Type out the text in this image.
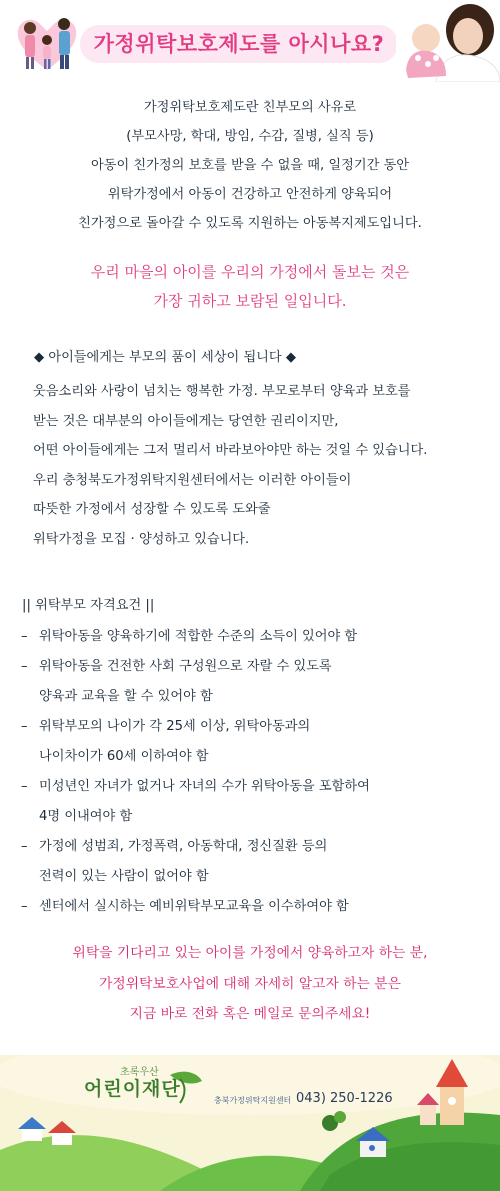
가정위탁보호제도를 아시나요?

가정위탁보호제도란 친부모의 사유로

(부모사망, 학대, 방임, 수감, 질병, 실직 등)

아동이 친가정의 보호를 받을 수 없을 때, 일정기간 동안

위탁가정에서 아동이 건강하고 안전하게 양육되어

친가정으로 돌아갈 수 있도록 지원하는 아동복지제도입니다.

우리 마을의 아이를 우리의 가정에서 돌보는 것은

가장 귀하고 보람된 일입니다.

◆ 아이들에게는 부모의 품이 세상이 됩니다 ◆

웃음소리와 사랑이 넘치는 행복한 가정. 부모로부터 양육과 보호를

받는 것은 대부분의 아이들에게는 당연한 권리이지만,

어떤 아이들에게는 그저 멀리서 바라보아야만 하는 것일 수 있습니다.

우리 충청북도가정위탁지원센터에서는 이러한 아이들이

따뜻한 가정에서 성장할 수 있도록 도와줄

위탁가정을 모집 · 양성하고 있습니다.

|| 위탁부모 자격요건 ||
– 위탁아동을 양육하기에 적합한 수준의 소득이 있어야 함

– 위탁아동을 건전한 사회 구성원으로 자랄 수 있도록

양육과 교육을 할 수 있어야 함

– 위탁부모의 나이가 각 25세 이상, 위탁아동과의

나이차이가 60세 이하여야 함

– 미성년인 자녀가 없거나 자녀의 수가 위탁아동을 포함하여

4명 이내여야 함

– 가정에 성범죄, 가정폭력, 아동학대, 정신질환 등의

전력이 있는 사람이 없어야 함

– 센터에서 실시하는 예비위탁부모교육을 이수하여야 함

위탁을 기다리고 있는 아이를 가정에서 양육하고자 하는 분,

가정위탁보호사업에 대해 자세히 알고자 하는 분은

지금 바로 전화 혹은 메일로 문의주세요!

초록우산
어린이재단
충북가정위탁지원센터 043) 250-1226
